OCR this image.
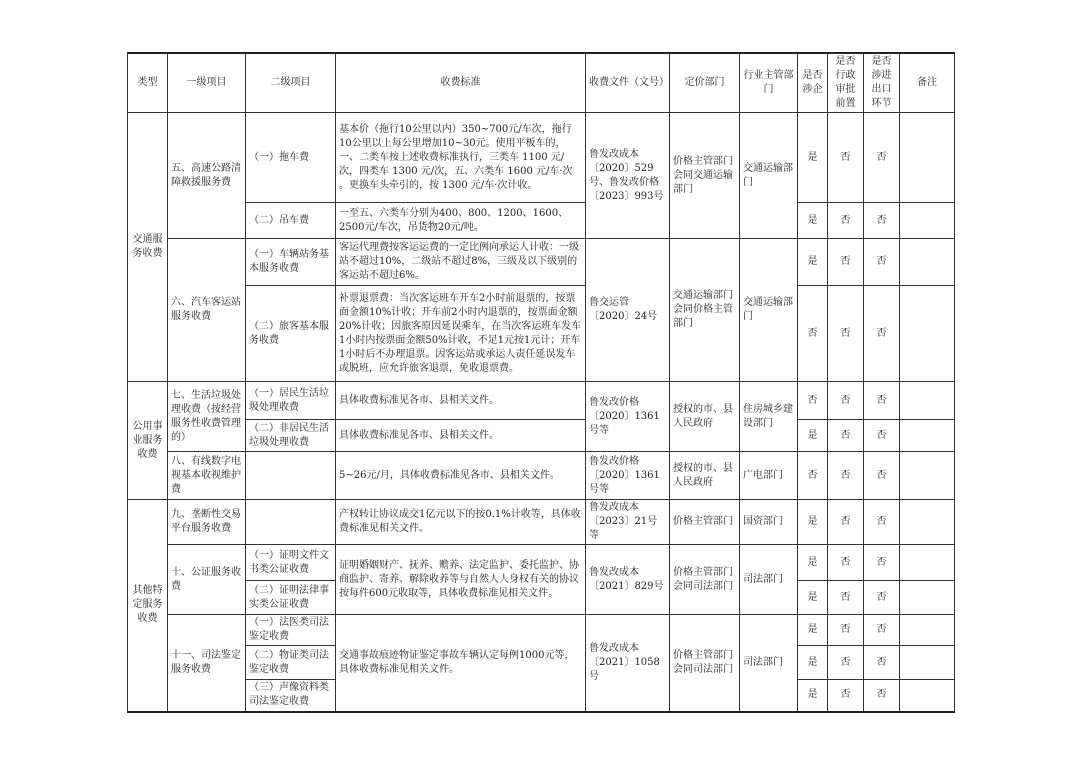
类型	一级项目	二级项目	收费标准	收费文件（文号）	定价部门	行业主管部门	是否涉企	是否行政审批前置	是否涉进出口环节	备注
交通服务收费	五、高速公路清障救援服务费	（一）拖车费	基本价（拖行10公里以内）350~700元/车次，拖行10公里以上每公里增加10~30元。使用平板车的，一、二类车按上述收费标准执行，三类车 1100 元/次，四类车 1300 元/次，五、六类车 1600 元/车·次 。更换车头牵引的，按 1300 元/车·次计收。	鲁发改成本〔2020〕529号、鲁发改价格〔2023〕993号	价格主管部门会同交通运输部门	交通运输部门	是	否	否	
		（二）吊车费	一至五、六类车分别为400、800、1200、1600、2500元/车次，吊货物20元/吨。				是	否	否	
	六、汽车客运站服务收费	（一）车辆站务基本服务收费	客运代理费按客运运费的一定比例向承运人计收：一级站不超过10%，二级站不超过8%，三级及以下级别的客运站不超过6%。	鲁交运管〔2020〕24号	交通运输部门会同价格主管部门	交通运输部门	是	否	否	
		（二）旅客基本服务收费	补票退票费：当次客运班车开车2小时前退票的，按票面金额10%计收；开车前2小时内退票的，按票面金额20%计收；因旅客原因延误乘车，在当次客运班车发车1小时内按票面金额50%计收，不足1元按1元计；开车1小时后不办理退票。因客运站或承运人责任延误发车或脱班，应允许旅客退票，免收退票费。				否	否	否	
公用事业服务收费	七、生活垃圾处理收费（按经营服务性收费管理的）	（一）居民生活垃圾处理收费	具体收费标准见各市、县相关文件。	鲁发改价格〔2020〕1361号等	授权的市、县人民政府	住房城乡建设部门	否	否	否	
		（二）非居民生活垃圾处理收费	具体收费标准见各市、县相关文件。				是	否	否	
	八、有线数字电视基本收视维护费		5~26元/月，具体收费标准见各市、县相关文件。	鲁发改价格〔2020〕1361号等	授权的市、县人民政府	广电部门	否	否	否	
其他特定服务收费	九、垄断性交易平台服务收费		产权转让协议成交1亿元以下的按0.1%计收等，具体收费标准见相关文件。	鲁发改成本〔2023〕21号等	价格主管部门	国资部门	是	否	否	
	十、公证服务收费	（一）证明文件文书类公证收费	证明婚姻财产、抚养、赡养、法定监护、委托监护、协商监护、寄养、解除收养等与自然人人身权有关的协议按每件600元收取等，具体收费标准见相关文件。	鲁发改成本〔2021〕829号	价格主管部门会同司法部门	司法部门	是	否	否	
		（二）证明法律事实类公证收费					是	否	否	
	十一、司法鉴定服务收费	（一）法医类司法鉴定收费	交通事故痕迹物证鉴定事故车辆认定每例1000元等，具体收费标准见相关文件。	鲁发改成本〔2021〕1058号	价格主管部门会同司法部门	司法部门	是	否	否	
		（二）物证类司法鉴定收费					是	否	否	
		（三）声像资料类司法鉴定收费					是	否	否	
